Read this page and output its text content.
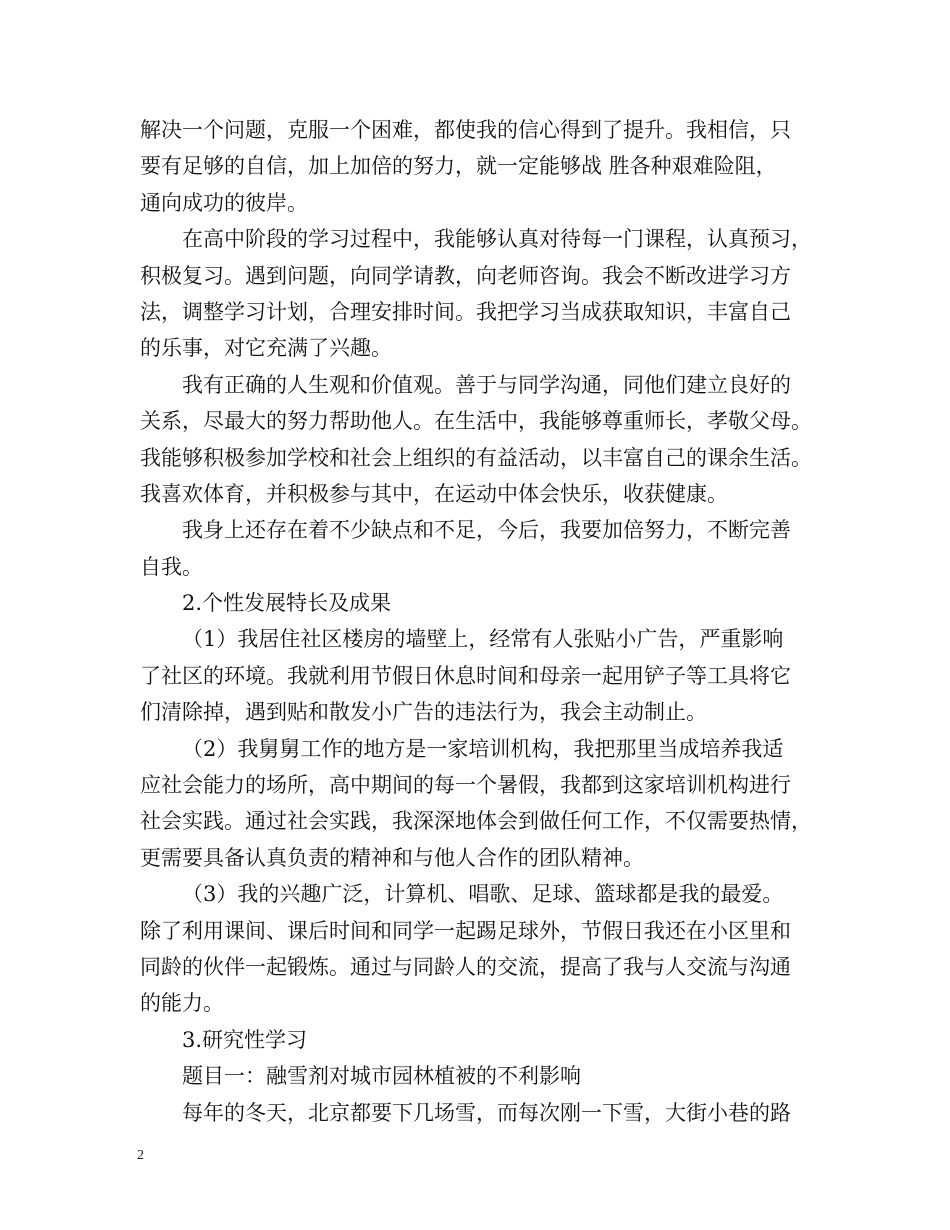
解决一个问题，克服一个困难，都使我的信心得到了提升。我相信，只
要有足够的自信，加上加倍的努力，就一定能够战 胜各种艰难险阻，
通向成功的彼岸。
在高中阶段的学习过程中，我能够认真对待每一门课程，认真预习，
积极复习。遇到问题，向同学请教，向老师咨询。我会不断改进学习方
法，调整学习计划，合理安排时间。我把学习当成获取知识，丰富自己
的乐事，对它充满了兴趣。
我有正确的人生观和价值观。善于与同学沟通，同他们建立良好的
关系，尽最大的努力帮助他人。在生活中，我能够尊重师长，孝敬父母。
我能够积极参加学校和社会上组织的有益活动，以丰富自己的课余生活。
我喜欢体育，并积极参与其中，在运动中体会快乐，收获健康。
我身上还存在着不少缺点和不足，今后，我要加倍努力，不断完善
自我。
2.个性发展特长及成果
（1）我居住社区楼房的墙壁上，经常有人张贴小广告，严重影响
了社区的环境。我就利用节假日休息时间和母亲一起用铲子等工具将它
们清除掉，遇到贴和散发小广告的违法行为，我会主动制止。
（2）我舅舅工作的地方是一家培训机构，我把那里当成培养我适
应社会能力的场所，高中期间的每一个暑假，我都到这家培训机构进行
社会实践。通过社会实践，我深深地体会到做任何工作，不仅需要热情，
更需要具备认真负责的精神和与他人合作的团队精神。
（3）我的兴趣广泛，计算机、唱歌、足球、篮球都是我的最爱。
除了利用课间、课后时间和同学一起踢足球外，节假日我还在小区里和
同龄的伙伴一起锻炼。通过与同龄人的交流，提高了我与人交流与沟通
的能力。
3.研究性学习
题目一：融雪剂对城市园林植被的不利影响
每年的冬天，北京都要下几场雪，而每次刚一下雪，大街小巷的路
2
